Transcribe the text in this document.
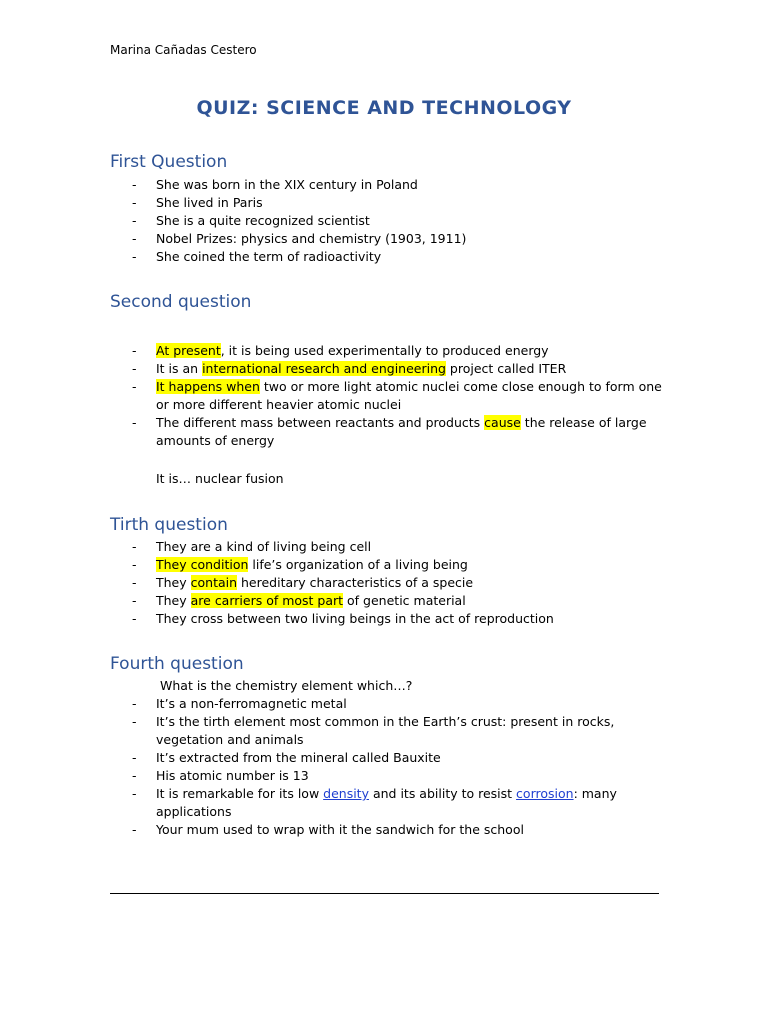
Marina Cañadas Cestero
QUIZ: SCIENCE AND TECHNOLOGY
First Question
- She was born in the XIX century in Poland
- She lived in Paris
- She is a quite recognized scientist
- Nobel Prizes: physics and chemistry (1903, 1911)
- She coined the term of radioactivity
Second question
- At present, it is being used experimentally to produced energy
- It is an international research and engineering project called ITER
- It happens when two or more light atomic nuclei come close enough to form one or more different heavier atomic nuclei
- The different mass between reactants and products cause the release of large amounts of energy
It is… nuclear fusion
Tirth question
- They are a kind of living being cell
- They condition life’s organization of a living being
- They contain hereditary characteristics of a specie
- They are carriers of most part of genetic material
- They cross between two living beings in the act of reproduction
Fourth question
What is the chemistry element which…?
- It’s a non-ferromagnetic metal
- It’s the tirth element most common in the Earth’s crust: present in rocks, vegetation and animals
- It’s extracted from the mineral called Bauxite
- His atomic number is 13
- It is remarkable for its low density and its ability to resist corrosion: many applications
- Your mum used to wrap with it the sandwich for the school
